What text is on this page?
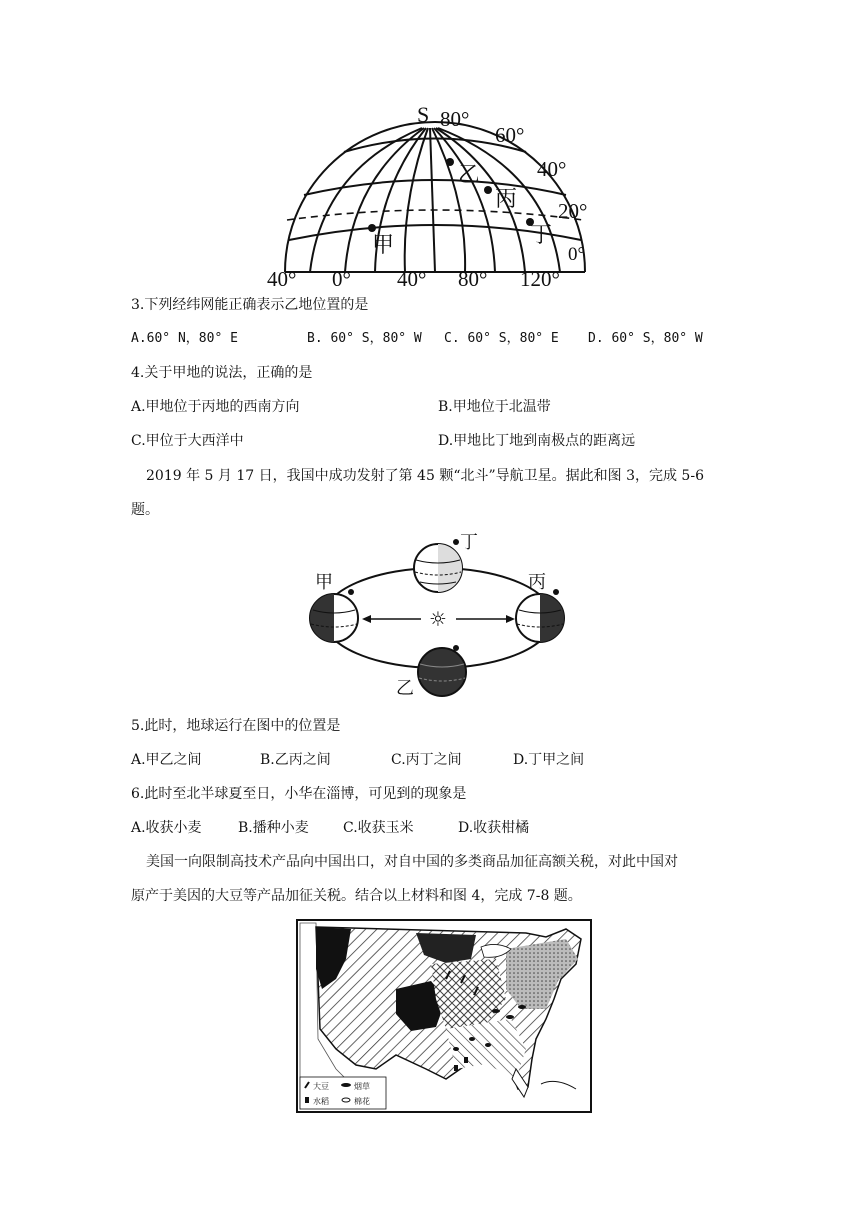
S 80°
60°
40°
20°
0°
乙
丙
丁
甲
40° 0° 40° 80° 120°
3.下列经纬网能正确表示乙地位置的是
A.60° N，80° E	B. 60° S，80° W C. 60° S，80° E D. 60° S，80° W
4.关于甲地的说法，正确的是
A.甲地位于丙地的西南方向	B.甲地位于北温带
C.甲位于大西洋中	D.甲地比丁地到南极点的距离远
2019 年 5 月 17 日，我国中成功发射了第 45 颗“北斗”导航卫星。据此和图 3，完成 5-6
题。
☼
丁
甲	丙
乙
5.此时，地球运行在图中的位置是
A.甲乙之间	B.乙丙之间	C.丙丁之间	D.丁甲之间
6.此时至北半球夏至日，小华在淄博，可见到的现象是
A.收获小麦	B.播种小麦 C.收获玉米	D.收获柑橘
美国一向限制高技术产品向中国出口，对自中国的多类商品加征高额关税，对此中国对
原产于美因的大豆等产品加征关税。结合以上材料和图 4，完成 7-8 题。
大豆	烟草
水稻	棉花
